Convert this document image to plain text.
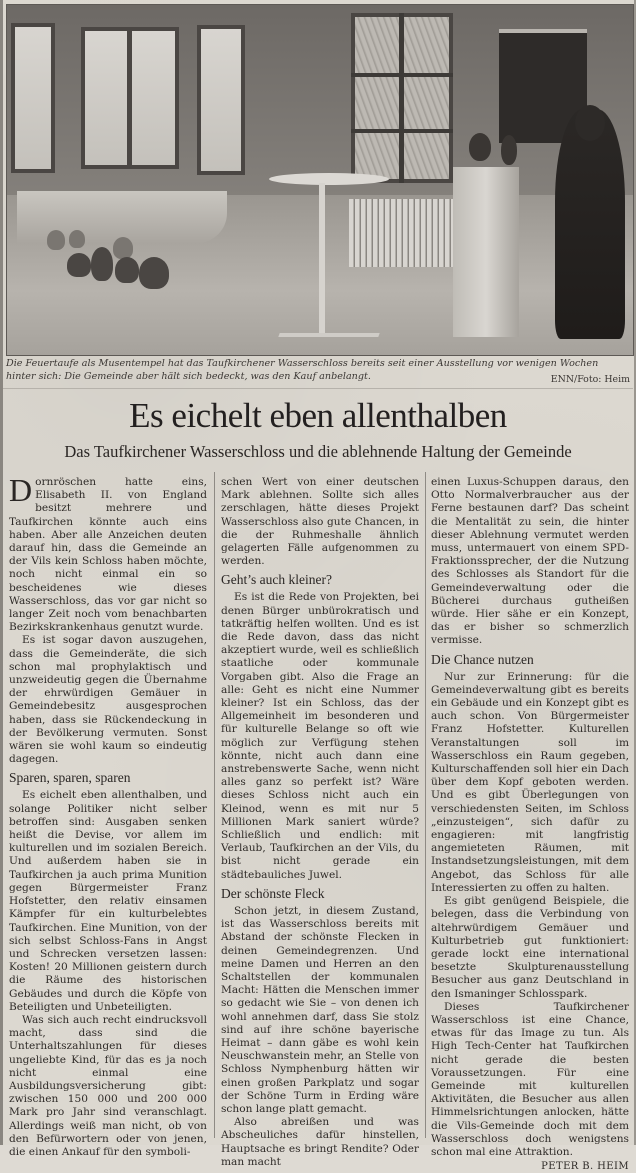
Die Feuertaufe als Musentempel hat das Taufkirchener Wasserschloss bereits seit einer Ausstellung vor wenigen Wochen hinter sich: Die Gemeinde aber hält sich bedeckt, was den Kauf anbelangt.	ENN/Foto: Heim
Es eichelt eben allenthalben
Das Taufkirchener Wasserschloss und die ablehnende Haltung der Gemeinde

Dornröschen hatte eins, Elisabeth II. von England besitzt mehrere und Taufkirchen könnte auch eins haben. Aber alle Anzeichen deuten darauf hin, dass die Gemeinde an der Vils kein Schloss haben möchte, noch nicht einmal ein so bescheidenes wie dieses Wasserschloss, das vor gar nicht so langer Zeit noch vom benachbarten Bezirkskrankenhaus genutzt wurde.

Es ist sogar davon auszugehen, dass die Gemeinderäte, die sich schon mal prophylaktisch und unzweideutig gegen die Übernahme der ehrwürdigen Gemäuer in Gemeindebesitz ausgesprochen haben, dass sie Rückendeckung in der Bevölkerung vermuten. Sonst wären sie wohl kaum so eindeutig dagegen.

Sparen, sparen, sparen

Es eichelt eben allenthalben, und solange Politiker nicht selber betroffen sind: Ausgaben senken heißt die Devise, vor allem im kulturellen und im sozialen Bereich. Und außerdem haben sie in Taufkirchen ja auch prima Munition gegen Bürgermeister Franz Hofstetter, den relativ einsamen Kämpfer für ein kulturbelebtes Taufkirchen. Eine Munition, von der sich selbst Schloss-Fans in Angst und Schrecken versetzen lassen: Kosten! 20 Millionen geistern durch die Räume des historischen Gebäudes und durch die Köpfe von Beteiligten und Unbeteiligten.

Was sich auch recht eindrucksvoll macht, dass sind die Unterhaltszahlungen für dieses ungeliebte Kind, für das es ja noch nicht einmal eine Ausbildungsversicherung gibt: zwischen 150 000 und 200 000 Mark pro Jahr sind veranschlagt. Allerdings weiß man nicht, ob von den Befürwortern oder von jenen, die einen Ankauf für den symboli-

schen Wert von einer deutschen Mark ablehnen. Sollte sich alles zerschlagen, hätte dieses Projekt Wasserschloss also gute Chancen, in die der Ruhmeshalle ähnlich gelagerten Fälle aufgenommen zu werden.

Geht’s auch kleiner?

Es ist die Rede von Projekten, bei denen Bürger unbürokratisch und tatkräftig helfen wollten. Und es ist die Rede davon, dass das nicht akzeptiert wurde, weil es schließlich staatliche oder kommunale Vorgaben gibt. Also die Frage an alle: Geht es nicht eine Nummer kleiner? Ist ein Schloss, das der Allgemeinheit im besonderen und für kulturelle Belange so oft wie möglich zur Verfügung stehen könnte, nicht auch dann eine anstrebenswerte Sache, wenn nicht alles ganz so perfekt ist? Wäre dieses Schloss nicht auch ein Kleinod, wenn es mit nur 5 Millionen Mark saniert würde? Schließlich und endlich: mit Verlaub, Taufkirchen an der Vils, du bist nicht gerade ein städtebauliches Juwel.

Der schönste Fleck

Schon jetzt, in diesem Zustand, ist das Wasserschloss bereits mit Abstand der schönste Flecken in deinen Gemeindegrenzen. Und meine Damen und Herren an den Schaltstellen der kommunalen Macht: Hätten die Menschen immer so gedacht wie Sie – von denen ich wohl annehmen darf, dass Sie stolz sind auf ihre schöne bayerische Heimat – dann gäbe es wohl kein Neuschwanstein mehr, an Stelle von Schloss Nymphenburg hätten wir einen großen Parkplatz und sogar der Schöne Turm in Erding wäre schon lange platt gemacht.

Also abreißen und was Abscheuliches dafür hinstellen, Hauptsache es bringt Rendite? Oder man macht

einen Luxus-Schuppen daraus, den Otto Normalverbraucher aus der Ferne bestaunen darf? Das scheint die Mentalität zu sein, die hinter dieser Ablehnung vermutet werden muss, untermauert von einem SPD-Fraktionssprecher, der die Nutzung des Schlosses als Standort für die Gemeindeverwaltung oder die Bücherei durchaus gutheißen würde. Hier sähe er ein Konzept, das er bisher so schmerzlich vermisse.

Die Chance nutzen

Nur zur Erinnerung: für die Gemeindeverwaltung gibt es bereits ein Gebäude und ein Konzept gibt es auch schon. Von Bürgermeister Franz Hofstetter. Kulturellen Veranstaltungen soll im Wasserschloss ein Raum gegeben, Kulturschaffenden soll hier ein Dach über dem Kopf geboten werden. Und es gibt Überlegungen von verschiedensten Seiten, im Schloss „einzusteigen“, sich dafür zu engagieren: mit langfristig angemieteten Räumen, mit Instandsetzungsleistungen, mit dem Angebot, das Schloss für alle Interessierten zu offen zu halten.

Es gibt genügend Beispiele, die belegen, dass die Verbindung von altehrwürdigem Gemäuer und Kulturbetrieb gut funktioniert: gerade lockt eine international besetzte Skulpturenausstellung Besucher aus ganz Deutschland in den Ismaninger Schlosspark.

Dieses Taufkirchener Wasserschloss ist eine Chance, etwas für das Image zu tun. Als High Tech-Center hat Taufkirchen nicht gerade die besten Voraussetzungen. Für eine Gemeinde mit kulturellen Aktivitäten, die Besucher aus allen Himmelsrichtungen anlocken, hätte die Vils-Gemeinde doch mit dem Wasserschloss doch wenigstens schon mal eine Attraktion.

PETER B. HEIM
